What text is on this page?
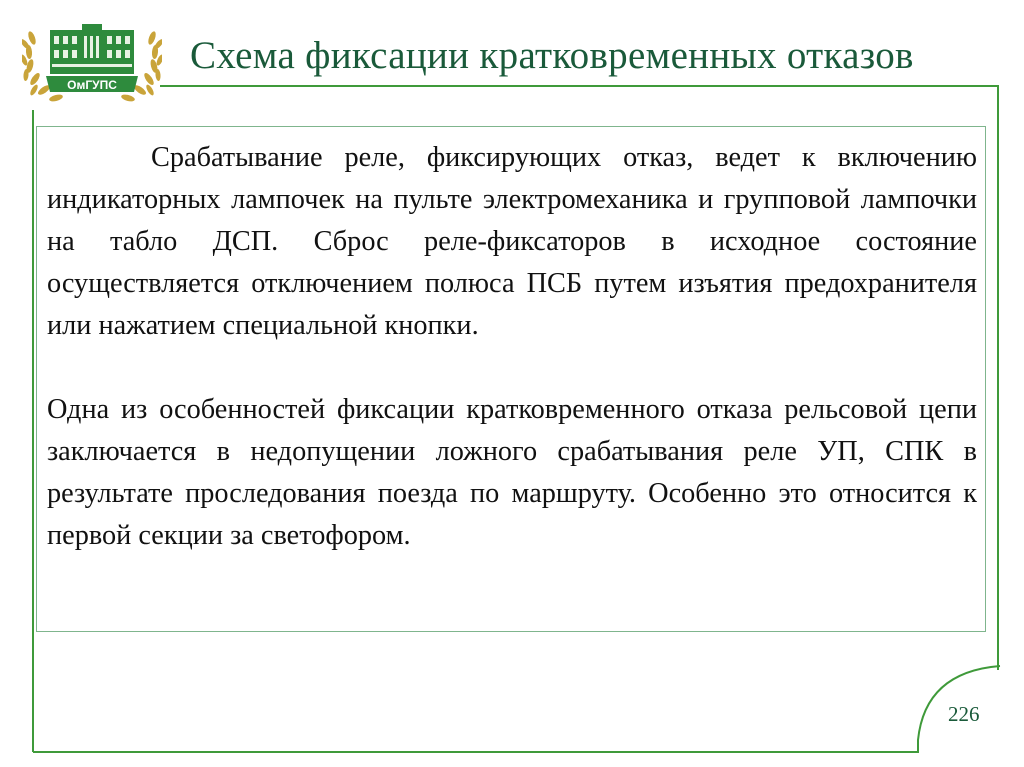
ОмГУПС
Схема фиксации кратковременных отказов

Срабатывание реле, фиксирующих отказ, ведет к включению индикаторных лампочек на пульте электромеханика и групповой лампочки на табло ДСП. Сброс реле-фиксаторов в исходное состояние осуществляется отключением полюса ПСБ путем изъятия предохранителя или нажатием специальной кнопки.

Одна из особенностей фиксации кратковременного отказа рельсовой цепи заключается в недопущении ложного срабатывания реле УП, СПК в результате проследования поезда по маршруту. Особенно это относится к первой секции за светофором.

226
